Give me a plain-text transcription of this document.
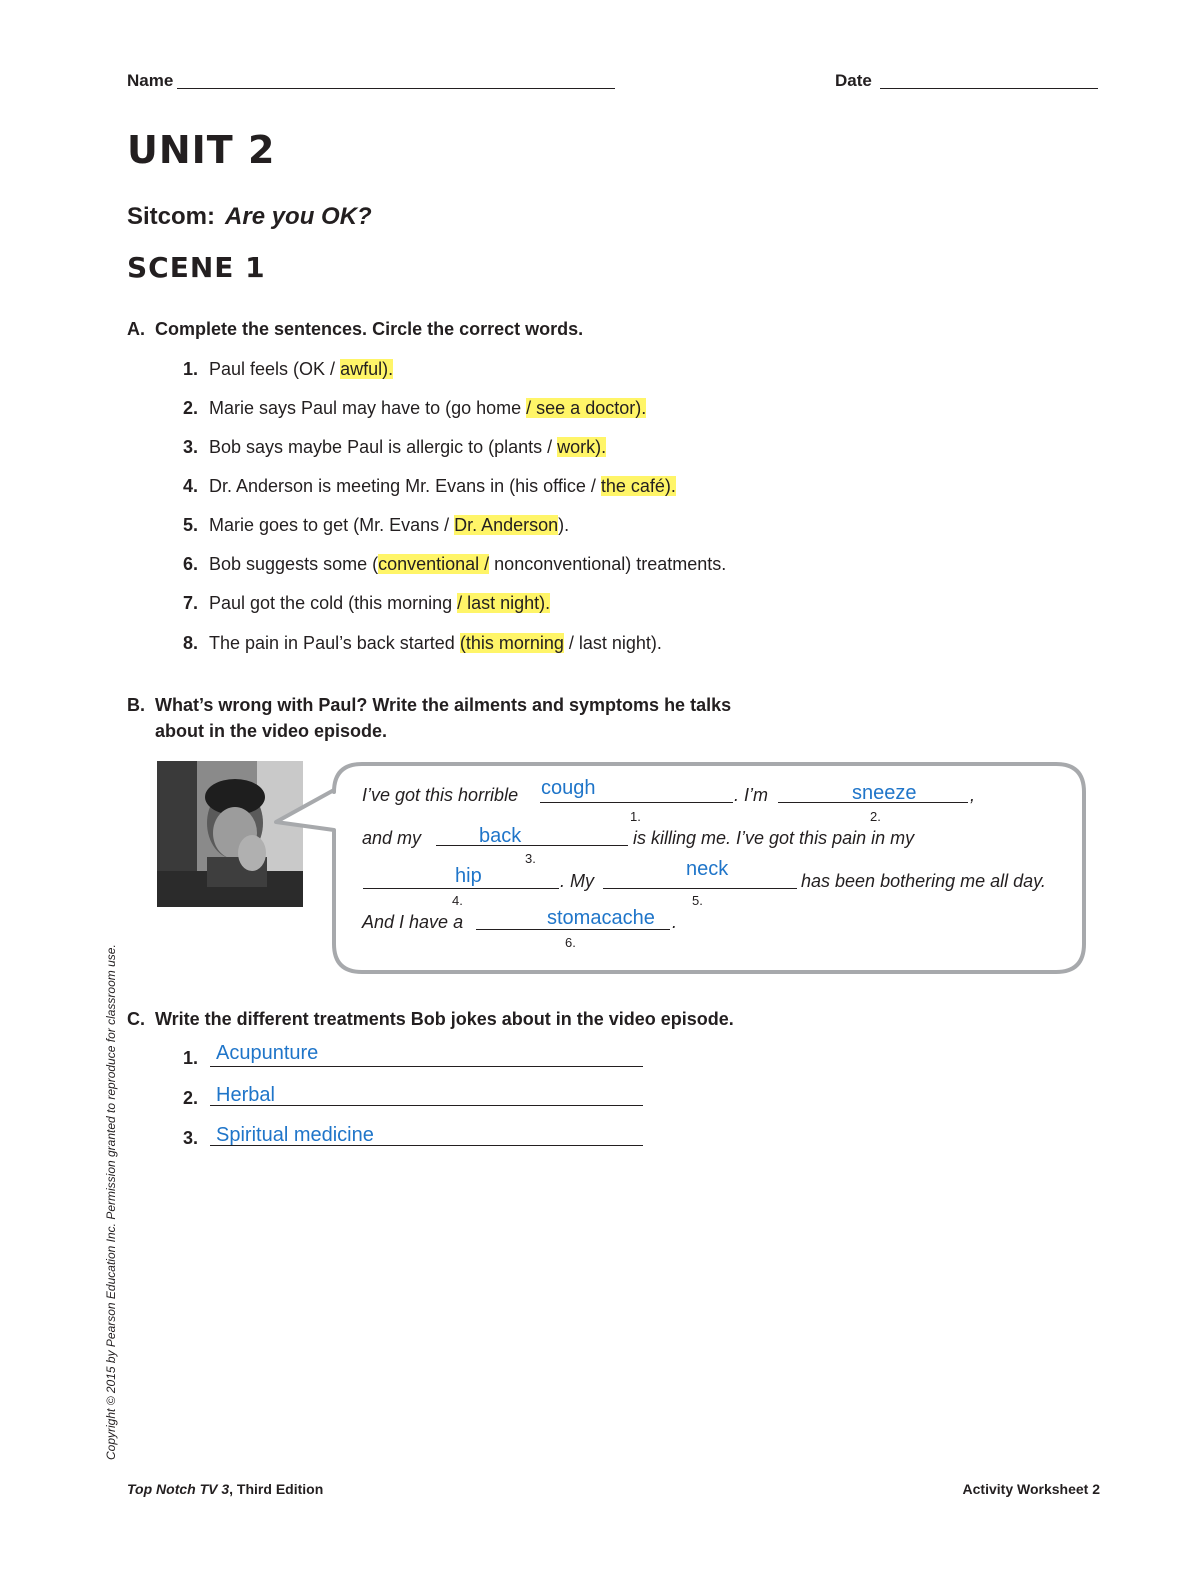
Name	Date
UNIT 2
Sitcom: Are you OK?
SCENE 1
A. Complete the sentences. Circle the correct words.
1. Paul feels (OK / awful).
2. Marie says Paul may have to (go home / see a doctor).
3. Bob says maybe Paul is allergic to (plants / work).
4. Dr. Anderson is meeting Mr. Evans in (his office / the café).
5. Marie goes to get (Mr. Evans / Dr. Anderson).
6. Bob suggests some (conventional / nonconventional) treatments.
7. Paul got the cold (this morning / last night).
8. The pain in Paul’s back started (this morning / last night).
B. What’s wrong with Paul? Write the ailments and symptoms he talks
about in the video episode.
I’ve got this horrible cough
1.
. I’m	sneeze
2.
,
and my	back
3.
is killing me. I’ve got this pain in my
hip
4.
. My
neck
5.
has been bothering me all day.
And I have a	stomacache
6.
.
C. Write the different treatments Bob jokes about in the video episode.
1. Acupunture
2. Herbal
3. Spiritual medicine
Copyright © 2015 by Pearson Education Inc. Permission granted to reproduce for classroom use.
Top Notch TV 3, Third Edition	Activity Worksheet 2
